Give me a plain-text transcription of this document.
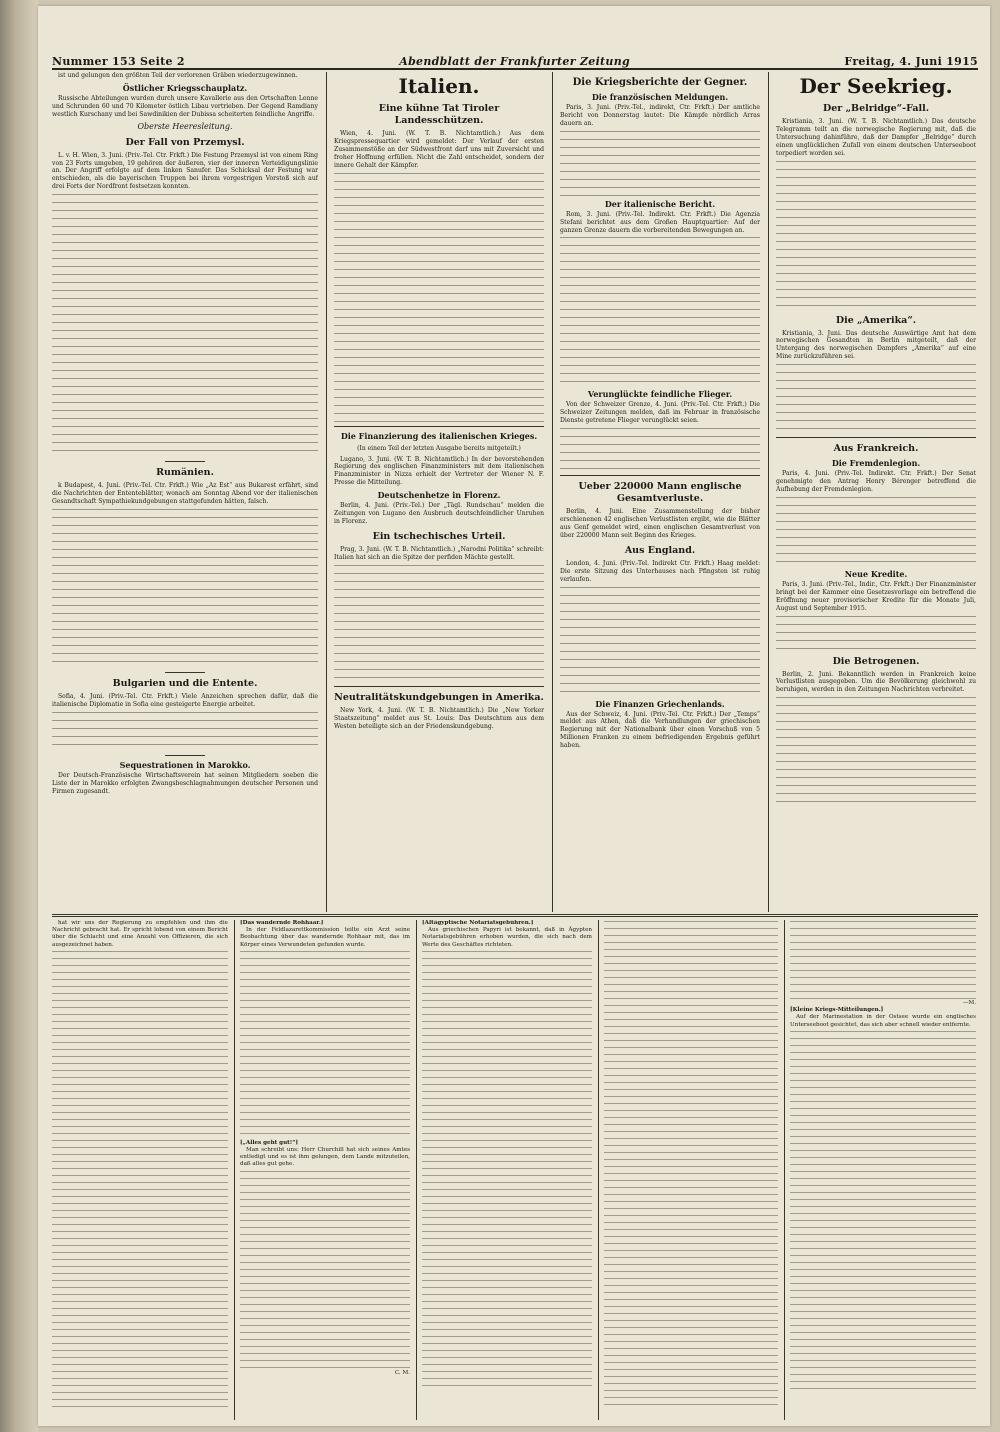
Nummer 153 Seite 2	Abendblatt der Frankfurter Zeitung	Freitag, 4. Juni 1915

ist und gelungen den größten Teil der verlorenen Gräben wiederzugewinnen.

Östlicher Kriegsschauplatz.

Russische Abteilungen wurden durch unsere Kavallerie aus den Ortschaften Lenne und Schrunden 60 und 70 Kilometer östlich Libau vertrieben. Der Gegend Ramdiany westlich Kurschany und bei Sawdinikien der Dubissa scheiterten feindliche Angriffe.

Oberste Heeresleitung.
Der Fall von Przemysl.

L. v. H. Wien, 3. Juni. (Priv.-Tel. Ctr. Frkft.) Die Festung Przemysl ist von einem Ring von 23 Forts umgeben, 19 gehören der äußeren, vier der inneren Verteidigungslinie an. Der Angriff erfolgte auf dem linken Sanufer. Das Schicksal der Festung war entschieden, als die bayerischen Truppen bei ihrem vorgestrigen Vorstoß sich auf drei Forts der Nordfront festsetzen konnten.

Rumänien.

k Budapest, 4. Juni. (Priv.-Tel. Ctr. Frkft.) Wie „Az Est“ aus Bukarest erfährt, sind die Nachrichten der Ententeblätter, wonach am Sonntag Abend vor der italienischen Gesandtschaft Sympathiekundgebungen stattgefunden hätten, falsch.

Bulgarien und die Entente.

Sofia, 4. Juni. (Priv.-Tel. Ctr. Frkft.) Viele Anzeichen sprechen dafür, daß die italienische Diplomatie in Sofia eine gesteigerte Energie arbeitet.

Sequestrationen in Marokko.

Der Deutsch-Französische Wirtschaftsverein hat seinen Mitgliedern soeben die Liste der in Marokko erfolgten Zwangsbeschlagnahmungen deutscher Personen und Firmen zugesandt.

Italien.
Eine kühne Tat Tiroler Landesschützen.

Wien, 4. Juni. (W. T. B. Nichtamtlich.) Aus dem Kriegspressequartier wird gemeldet: Der Verlauf der ersten Zusammenstöße an der Südwestfront darf uns mit Zuversicht und froher Hoffnung erfüllen. Nicht die Zahl entscheidet, sondern der innere Gehalt der Kämpfer.

Die Finanzierung des italienischen Krieges.
(In einem Teil der letzten Ausgabe bereits mitgeteilt.)

Lugano, 3. Juni. (W. T. B. Nichtamtlich.) In der bevorstehenden Regierung des englischen Finanzministers mit dem italienischen Finanzminister in Nizza erhielt der Vertreter der Wiener N. F. Presse die Mitteilung.

Deutschenhetze in Florenz.

Berlin, 4. Juni. (Priv.-Tel.) Der „Tägl. Rundschau“ melden die Zeitungen von Lugano den Ausbruch deutschfeindlicher Unruhen in Florenz.

Ein tschechisches Urteil.

Prag, 3. Juni. (W. T. B. Nichtamtlich.) „Narodni Politika“ schreibt: Italien hat sich an die Spitze der perfiden Mächte gestellt.

Neutralitätskundgebungen in Amerika.

New York, 4. Juni. (W. T. B. Nichtamtlich.) Die „New Yorker Staatszeitung“ meldet aus St. Louis: Das Deutschtum aus dem Westen beteiligte sich an der Friedenskundgebung.

Die Kriegsberichte der Gegner.
Die französischen Meldungen.

Paris, 3. Juni. (Priv.-Tel., indirekt, Ctr. Frkft.) Der amtliche Bericht von Donnerstag lautet: Die Kämpfe nördlich Arras dauern an.

Der italienische Bericht.

Rom, 3. Juni. (Priv.-Tel. Indirekt. Ctr. Frkft.) Die Agenzia Stefani berichtet aus dem Großen Hauptquartier: Auf der ganzen Grenze dauern die vorbereitenden Bewegungen an.

Verunglückte feindliche Flieger.

Von der Schweizer Grenze, 4. Juni. (Priv.-Tel. Ctr. Frkft.) Die Schweizer Zeitungen melden, daß im Februar in französische Dienste getretene Flieger verunglückt seien.

Ueber 220000 Mann englische Gesamtverluste.

Berlin, 4. Juni. Eine Zusammenstellung der bisher erschienenen 42 englischen Verlustlisten ergibt, wie die Blätter aus Genf gemeldet wird, einen englischen Gesamtverlust von über 220000 Mann seit Beginn des Krieges.

Aus England.

London, 4. Juni. (Priv.-Tel. Indirekt Ctr. Frkft.) Haag meldet: Die erste Sitzung des Unterhauses nach Pfingsten ist ruhig verlaufen.

Die Finanzen Griechenlands.

Aus der Schweiz, 4. Juni. (Priv.-Tel. Ctr. Frkft.) Der „Temps“ meldet aus Athen, daß die Verhandlungen der griechischen Regierung mit der Nationalbank über einen Vorschuß von 5 Millionen Franken zu einem befriedigenden Ergebnis geführt haben.

Der Seekrieg.
Der „Belridge“-Fall.

Kristiania, 3. Juni. (W. T. B. Nichtamtlich.) Das deutsche Telegramm teilt an die norwegische Regierung mit, daß die Untersuchung dahinführe, daß der Dampfer „Belridge“ durch einen unglücklichen Zufall von einem deutschen Unterseeboot torpediert worden sei.

Die „Amerika“.

Kristiania, 3. Juni. Das deutsche Auswärtige Amt hat dem norwegischen Gesandten in Berlin mitgeteilt, daß der Untergang des norwegischen Dampfers „Amerika“ auf eine Mine zurückzuführen sei.

Aus Frankreich.
Die Fremdenlegion.

Paris, 4. Juni. (Priv.-Tel. Indirekt. Ctr. Frkft.) Der Senat genehmigte den Antrag Henry Bérenger betreffend die Aufhebung der Fremdenlegion.

Neue Kredite.

Paris, 3. Juni. (Priv.-Tel., Indir., Ctr. Frkft.) Der Finanzminister bringt bei der Kammer eine Gesetzesvorlage ein betreffend die Eröffnung neuer provisorischer Kredite für die Monate Juli, August und September 1915.

Die Betrogenen.

Berlin, 2. Juni. Bekanntlich werden in Frankreich keine Verlustlisten ausgegeben. Um die Bevölkerung gleichwohl zu beruhigen, werden in den Zeitungen Nachrichten verbreitet.

hat wir uns der Regierung zu empfehlen und ihm die Nachricht gebracht hat. Er spricht lobend von einem Bericht über die Schlacht und eine Anzahl von Offizieren, die sich ausgezeichnet haben.

[Das wandernde Rohhaar.]

In der Feldlazarettkommission teilte ein Arzt seine Beobachtung über das wandernde Rohhaar mit, das im Körper eines Verwundeten gefunden wurde.

[„Alles geht gut!“]

Man schreibt uns: Herr Churchill hat sich seines Amtes entledigt und es ist ihm gelungen, dem Lande mitzuteilen, daß alles gut gehe.

C. M.
[Altägyptische Notariatsgebühren.]

Aus griechischen Papyri ist bekannt, daß in Ägypten Notariatsgebühren erhoben wurden, die sich nach dem Werte des Geschäftes richteten.

—M.
[Kleine Kriegs-Mitteilungen.]

Auf der Marinestation in der Ostsee wurde ein englisches Unterseeboot gesichtet, das sich aber schnell wieder entfernte.
